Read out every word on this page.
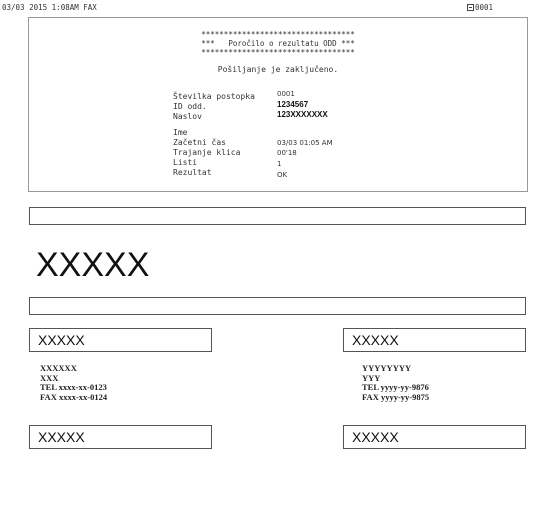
03/03 2015 1:08AM FAX	0001
**********************************
***   Poročilo o rezultatu ODD ***
**********************************
Pošiljanje je zaključeno.
Številka postopka	0001
ID odd.	1234567
Naslov	123XXXXXXX
Ime
Začetni čas	03/03 01:05 AM
Trajanje klica	00'18
Listi	1
Rezultat	OK
XXXXX
XXXXX
XXXXXX
XXX
TEL xxxx-xx-0123
FAX xxxx-xx-0124
XXXXX
XXXXX
YYYYYYYY
YYY
TEL yyyy-yy-9876
FAX yyyy-yy-9875
XXXXX
